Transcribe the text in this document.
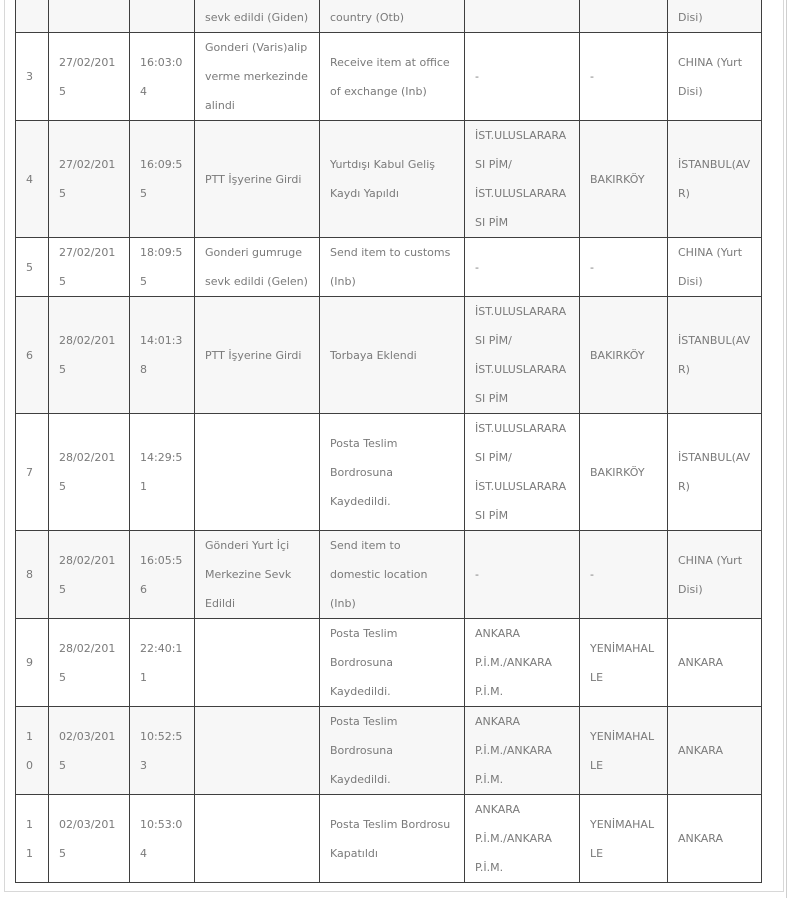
			sevk edildi (Giden)	country (Otb)			Disi)

3	27/02/2015	16:03:04	Gonderi (Varis)alip verme merkezinde alindi	Receive item at office of exchange (Inb)	-	-	CHINA (Yurt Disi)
4	27/02/2015	16:09:55	PTT İşyerine Girdi	Yurtdışı Kabul Geliş Kaydı Yapıldı	İST.ULUSLARARASI PİM/ İST.ULUSLARARASI PİM	BAKIRKÖY	İSTANBUL(AVR)
5	27/02/2015	18:09:55	Gonderi gumruge sevk edildi (Gelen)	Send item to customs (Inb)	-	-	CHINA (Yurt Disi)
6	28/02/2015	14:01:38	PTT İşyerine Girdi	Torbaya Eklendi	İST.ULUSLARARASI PİM/ İST.ULUSLARARASI PİM	BAKIRKÖY	İSTANBUL(AVR)
7	28/02/2015	14:29:51		Posta Teslim Bordrosuna Kaydedildi.	İST.ULUSLARARASI PİM/ İST.ULUSLARARASI PİM	BAKIRKÖY	İSTANBUL(AVR)
8	28/02/2015	16:05:56	Gönderi Yurt İçi Merkezine Sevk Edildi	Send item to domestic location (Inb)	-	-	CHINA (Yurt Disi)
9	28/02/2015	22:40:11		Posta Teslim Bordrosuna Kaydedildi.	ANKARA P.İ.M./ANKARA P.İ.M.	YENİMAHALLE	ANKARA
10	02/03/2015	10:52:53		Posta Teslim Bordrosuna Kaydedildi.	ANKARA P.İ.M./ANKARA P.İ.M.	YENİMAHALLE	ANKARA
11	02/03/2015	10:53:04		Posta Teslim Bordrosu Kapatıldı	ANKARA P.İ.M./ANKARA P.İ.M.	YENİMAHALLE	ANKARA
